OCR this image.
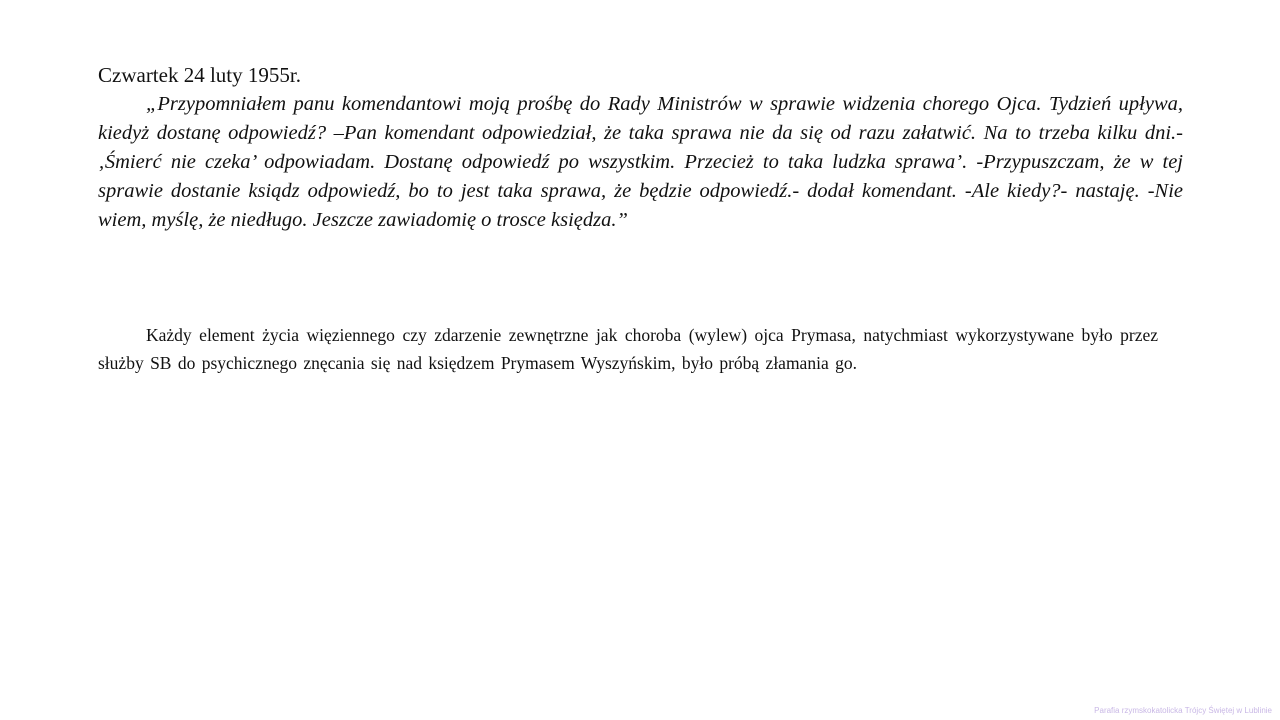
Czwartek 24 luty 1955r.

„Przypomniałem panu komendantowi moją prośbę do Rady Ministrów w sprawie widzenia chorego Ojca. Tydzień upływa, kiedyż dostanę odpowiedź? –Pan komendant odpowiedział, że taka sprawa nie da się od razu załatwić. Na to trzeba kilku dni.- ‚Śmierć nie czeka’ odpowiadam. Dostanę odpowiedź po wszystkim. Przecież to taka ludzka sprawa’. -Przypuszczam, że w tej sprawie dostanie ksiądz odpowiedź, bo to jest taka sprawa, że będzie odpowiedź.- dodał komendant. -Ale kiedy?- nastaję. -Nie wiem, myślę, że niedługo. Jeszcze zawiadomię o trosce księdza.”

Każdy element życia więziennego czy zdarzenie zewnętrzne jak choroba (wylew) ojca Prymasa, natychmiast wykorzystywane było przez służby SB do psychicznego znęcania się nad księdzem Prymasem Wyszyńskim, było próbą złamania go.

Parafia rzymskokatolicka Trójcy Świętej w Lublinie
